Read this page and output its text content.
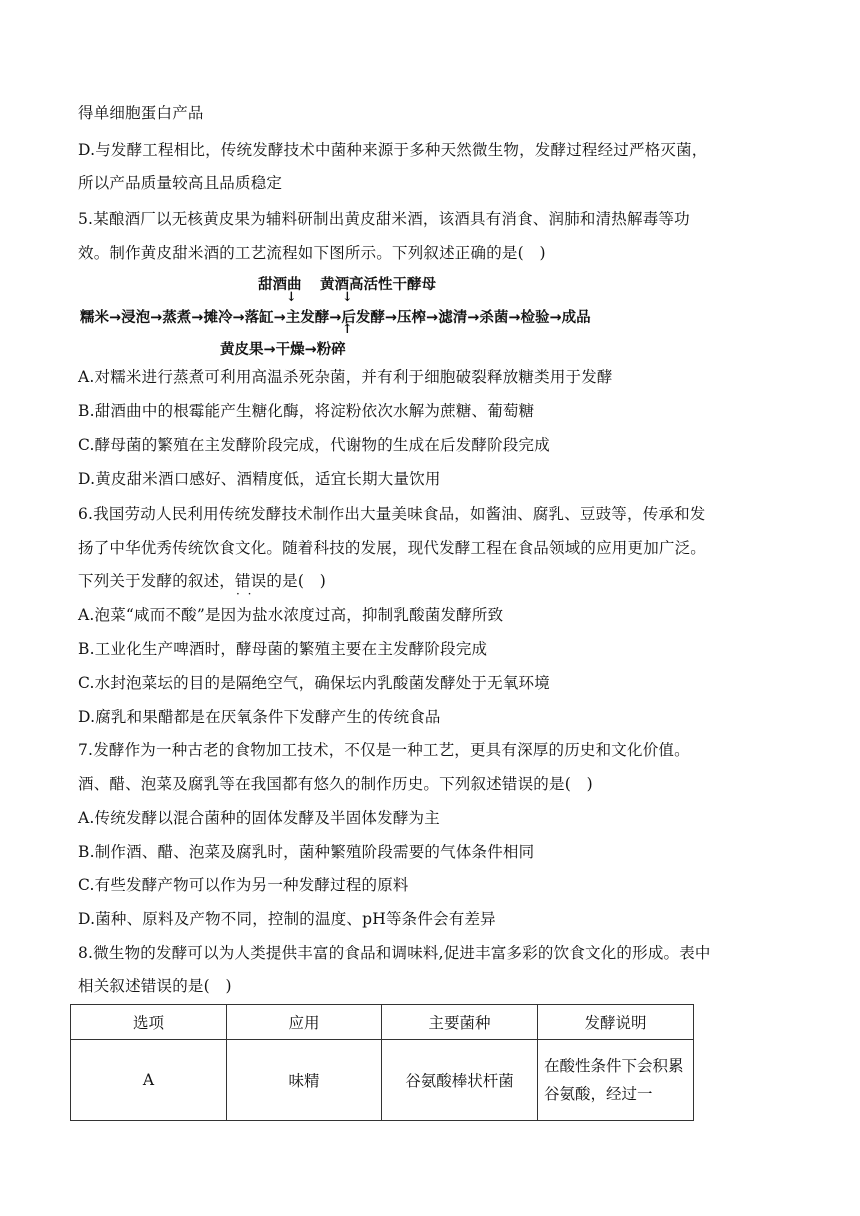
得单细胞蛋白产品
D.与发酵工程相比，传统发酵技术中菌种来源于多种天然微生物，发酵过程经过严格灭菌，
所以产品质量较高且品质稳定
5.某酿酒厂以无核黄皮果为辅料研制出黄皮甜米酒，该酒具有消食、润肺和清热解毒等功
效。制作黄皮甜米酒的工艺流程如下图所示。下列叙述正确的是(　)
甜酒曲 黄酒高活性干酵母
↓	↓
糯米→浸泡→蒸煮→摊冷→落缸→主发酵→后发酵→压榨→滤清→杀菌→检验→成品
↑
黄皮果→干燥→粉碎
A.对糯米进行蒸煮可利用高温杀死杂菌，并有利于细胞破裂释放糖类用于发酵
B.甜酒曲中的根霉能产生糖化酶，将淀粉依次水解为蔗糖、葡萄糖
C.酵母菌的繁殖在主发酵阶段完成，代谢物的生成在后发酵阶段完成
D.黄皮甜米酒口感好、酒精度低，适宜长期大量饮用
6.我国劳动人民利用传统发酵技术制作出大量美味食品，如酱油、腐乳、豆豉等，传承和发
扬了中华优秀传统饮食文化。随着科技的发展，现代发酵工程在食品领域的应用更加广泛。
下列关于发酵的叙述，错误 · ·的是(　)
A.泡菜“咸而不酸”是因为盐水浓度过高，抑制乳酸菌发酵所致
B.工业化生产啤酒时，酵母菌的繁殖主要在主发酵阶段完成
C.水封泡菜坛的目的是隔绝空气，确保坛内乳酸菌发酵处于无氧环境
D.腐乳和果醋都是在厌氧条件下发酵产生的传统食品
7.发酵作为一种古老的食物加工技术，不仅是一种工艺，更具有深厚的历史和文化价值。
酒、醋、泡菜及腐乳等在我国都有悠久的制作历史。下列叙述错误的是(　)
A.传统发酵以混合菌种的固体发酵及半固体发酵为主
B.制作酒、醋、泡菜及腐乳时，菌种繁殖阶段需要的气体条件相同
C.有些发酵产物可以作为另一种发酵过程的原料
D.菌种、原料及产物不同，控制的温度、pH等条件会有差异
8.微生物的发酵可以为人类提供丰富的食品和调味料,促进丰富多彩的饮食文化的形成。表中
相关叙述错误的是(　)
选项	应用	主要菌种	发酵说明
A	味精	谷氨酸棒状杆菌	在酸性条件下会积累谷氨酸，经过一
